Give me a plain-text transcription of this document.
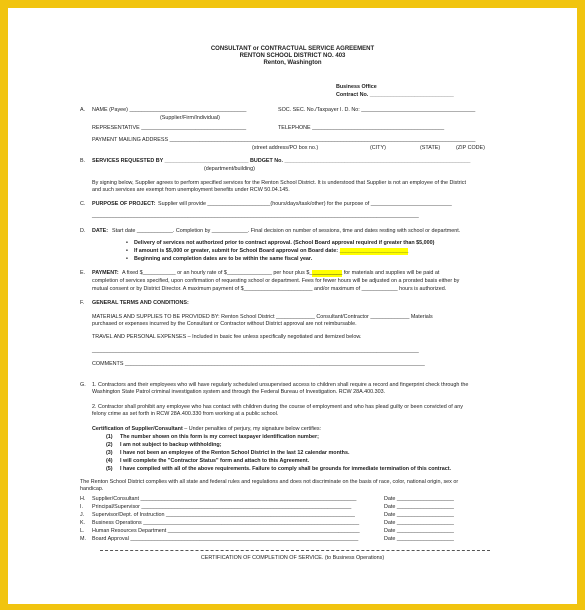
CONSULTANT or CONTRACTUAL SERVICE AGREEMENT
RENTON SCHOOL DISTRICT NO. 403
Renton, Washington
Business Office
Contract No. ____________________________
A. NAME (Payee) _______________________________________	SOC. SEC. No./Taxpayer I. D. No: ______________________________________
(Supplier/Firm/Individual)
REPRESENTATIVE ___________________________________	TELEPHONE ____________________________________________
PAYMENT MAILING ADDRESS ______________________________________________________________________________________________________
(street address/PO box no.)	(CITY)	(STATE)	(ZIP CODE)
B. SERVICES REQUESTED BY ____________________________ BUDGET No. ______________________________________________________________
(department/building)
By signing below, Supplier agrees to perform specified services for the Renton School District. It is understood that Supplier is not an employee of the District
and such services are exempt from unemployment benefits under RCW 50.04.145.
C. PURPOSE OF PROJECT: Supplier will provide _____________________(hours/days/task/other) for the purpose of ___________________________
_____________________________________________________________________________________________________________
D. DATE: Start date ____________. Completion by ____________. Final decision on number of sessions, time and dates resting with school or department.
• Delivery of services not authorized prior to contract approval. (School Board approval required if greater than $5,000)
• If amount is $5,000 or greater, submit for School Board approval on Board date: _______________________
• Beginning and completion dates are to be within the same fiscal year.
E. PAYMENT: A fixed $___________ or an hourly rate of $_______________ per hour plus $___________ for materials and supplies will be paid at
completion of services specified, upon confirmation of requesting school or department. Fees for fewer hours will be adjusted on a prorated basis either by
mutual consent or by District Director. A maximum payment of $_______________________ and/or maximum of ____________ hours is authorized.
F. GENERAL TERMS AND CONDITIONS:
MATERIALS AND SUPPLIES TO BE PROVIDED BY: Renton School District _____________ Consultant/Contractor _____________ Materials
purchased or expenses incurred by the Consultant or Contractor without District approval are not reimbursable.
TRAVEL AND PERSONAL EXPENSES – Included in basic fee unless specifically negotiated and itemized below.
_____________________________________________________________________________________________________________
COMMENTS ____________________________________________________________________________________________________
G. 1. Contractors and their employees who will have regularly scheduled unsupervised access to children shall require a record and fingerprint check through the
Washington State Patrol criminal investigation system and through the Federal Bureau of Investigation. RCW 28A.400.303.
2. Contractor shall prohibit any employee who has contact with children during the course of employment and who has plead guilty or been convicted of any
felony crime as set forth in RCW 28A.400.330 from working at a public school.
Certification of Supplier/Consultant – Under penalties of perjury, my signature below certifies:
(1) The number shown on this form is my correct taxpayer identification number;
(2) I am not subject to backup withholding;
(3) I have not been an employee of the Renton School District in the last 12 calendar months.
(4) I will complete the "Contractor Status" form and attach to this Agreement.
(5) I have complied with all of the above requirements. Failure to comply shall be grounds for immediate termination of this contract.
The Renton School District complies with all state and federal rules and regulations and does not discriminate on the basis of race, color, national origin, sex or
handicap.
H. Supplier/Consultant ________________________________________________________________________	Date ___________________
I. Principal/Supervisor ______________________________________________________________________	Date ___________________
J. Supervisor/Dept. of Instruction _______________________________________________________________	Date ___________________
K. Business Operations ________________________________________________________________________	Date ___________________
L. Human Resources Department ________________________________________________________________	Date ___________________
M. Board Approval ____________________________________________________________________________	Date ___________________
CERTIFICATION OF COMPLETION OF SERVICE. (to Business Operations)
